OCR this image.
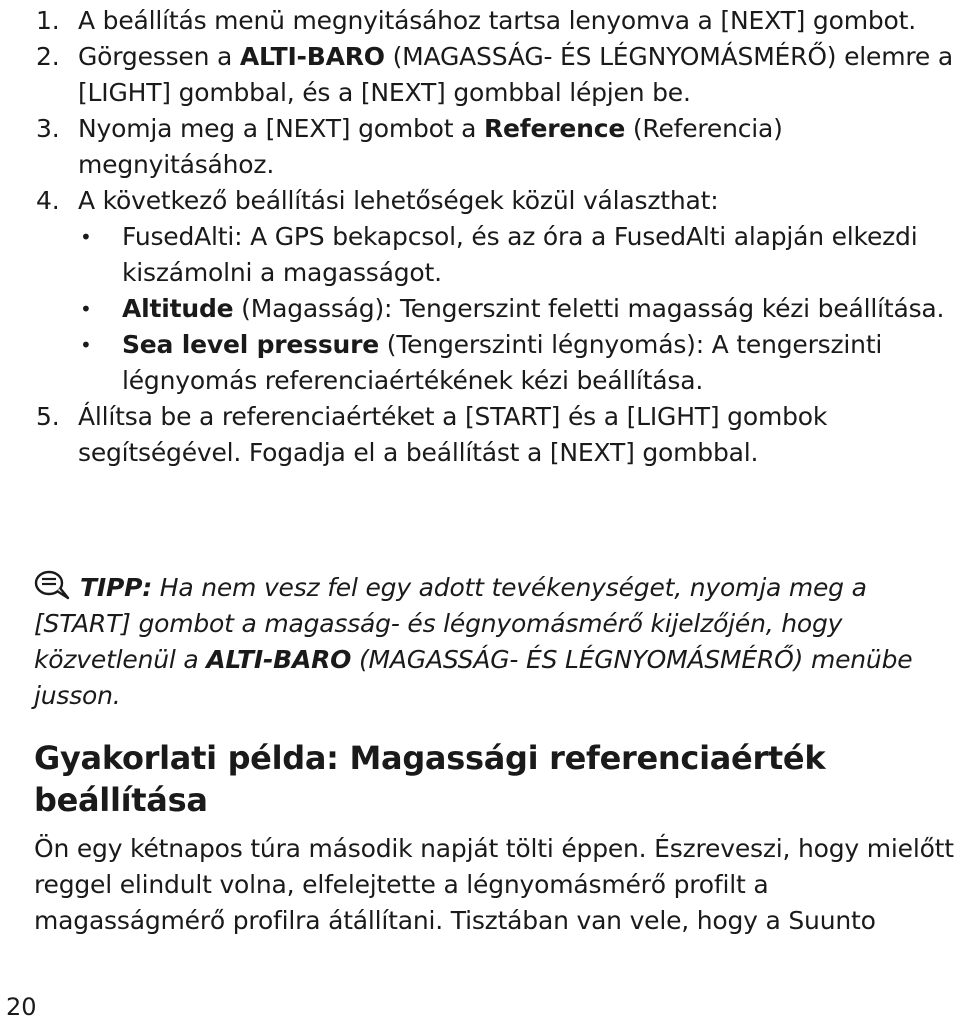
1. A beállítás menü megnyitásához tartsa lenyomva a [NEXT] gombot.
2. Görgessen a ALTI-BARO (MAGASSÁG- ÉS LÉGNYOMÁSMÉRŐ) elemre a [LIGHT] gombbal, és a [NEXT] gombbal lépjen be.
3. Nyomja meg a [NEXT] gombot a Reference (Referencia) megnyitásához.
4. A következő beállítási lehetőségek közül választhat:
• FusedAlti: A GPS bekapcsol, és az óra a FusedAlti alapján elkezdi kiszámolni a magasságot.
• Altitude (Magasság): Tengerszint feletti magasság kézi beállítása.
• Sea level pressure (Tengerszinti légnyomás): A tengerszinti légnyomás referenciaértékének kézi beállítása.
5. Állítsa be a referenciaértéket a [START] és a [LIGHT] gombok segítségével. Fogadja el a beállítást a [NEXT] gombbal.
TIPP: Ha nem vesz fel egy adott tevékenységet, nyomja meg a [START] gombot a magasság- és légnyomásmérő kijelzőjén, hogy közvetlenül a ALTI-BARO (MAGASSÁG- ÉS LÉGNYOMÁSMÉRŐ) menübe jusson.
Gyakorlati példa: Magassági referenciaérték beállítása

Ön egy kétnapos túra második napját tölti éppen. Észreveszi, hogy mielőtt reggel elindult volna, elfelejtette a légnyomásmérő profilt a magasságmérő profilra átállítani. Tisztában van vele, hogy a Suunto

20
